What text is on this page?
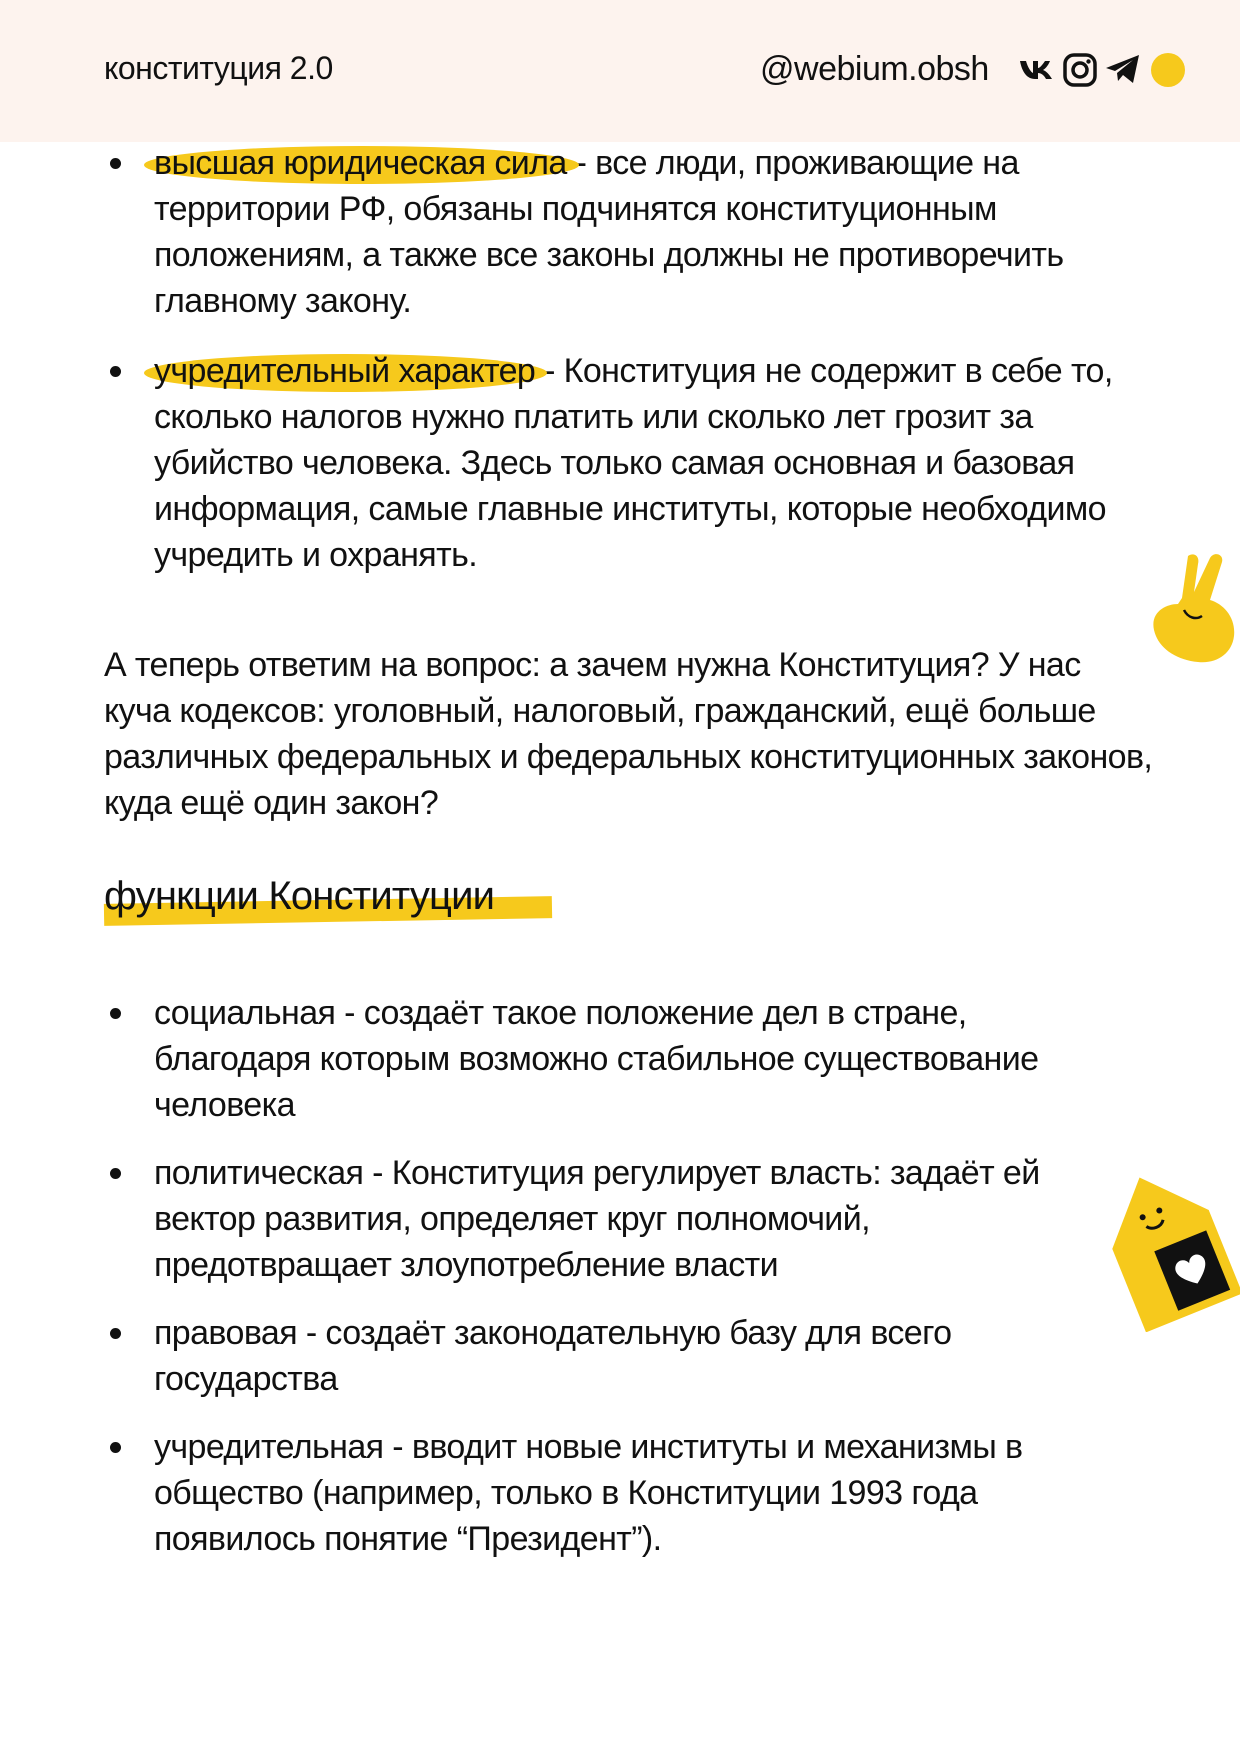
конституция 2.0	@webium.obsh
высшая юридическая сила - все люди, проживающие на территории РФ, обязаны подчинятся конституционным положениям, а также все законы должны не противоречить главному закону.
учредительный характер - Конституция не содержит в себе то, сколько налогов нужно платить или сколько лет грозит за убийство человека. Здесь только самая основная и базовая информация, самые главные институты, которые необходимо учредить и охранять.
А теперь ответим на вопрос: а зачем нужна Конституция? У нас куча кодексов: уголовный, налоговый, гражданский, ещё больше различных федеральных и федеральных конституционных законов, куда ещё один закон?
функции Конституции
социальная - создаёт такое положение дел в стране, благодаря которым возможно стабильное существование человека
политическая - Конституция регулирует власть: задаёт ей вектор развития, определяет круг полномочий, предотвращает злоупотребление власти
правовая - создаёт законодательную базу для всего государства
учредительная - вводит новые институты и механизмы в общество (например, только в Конституции 1993 года появилось понятие “Президент”).
